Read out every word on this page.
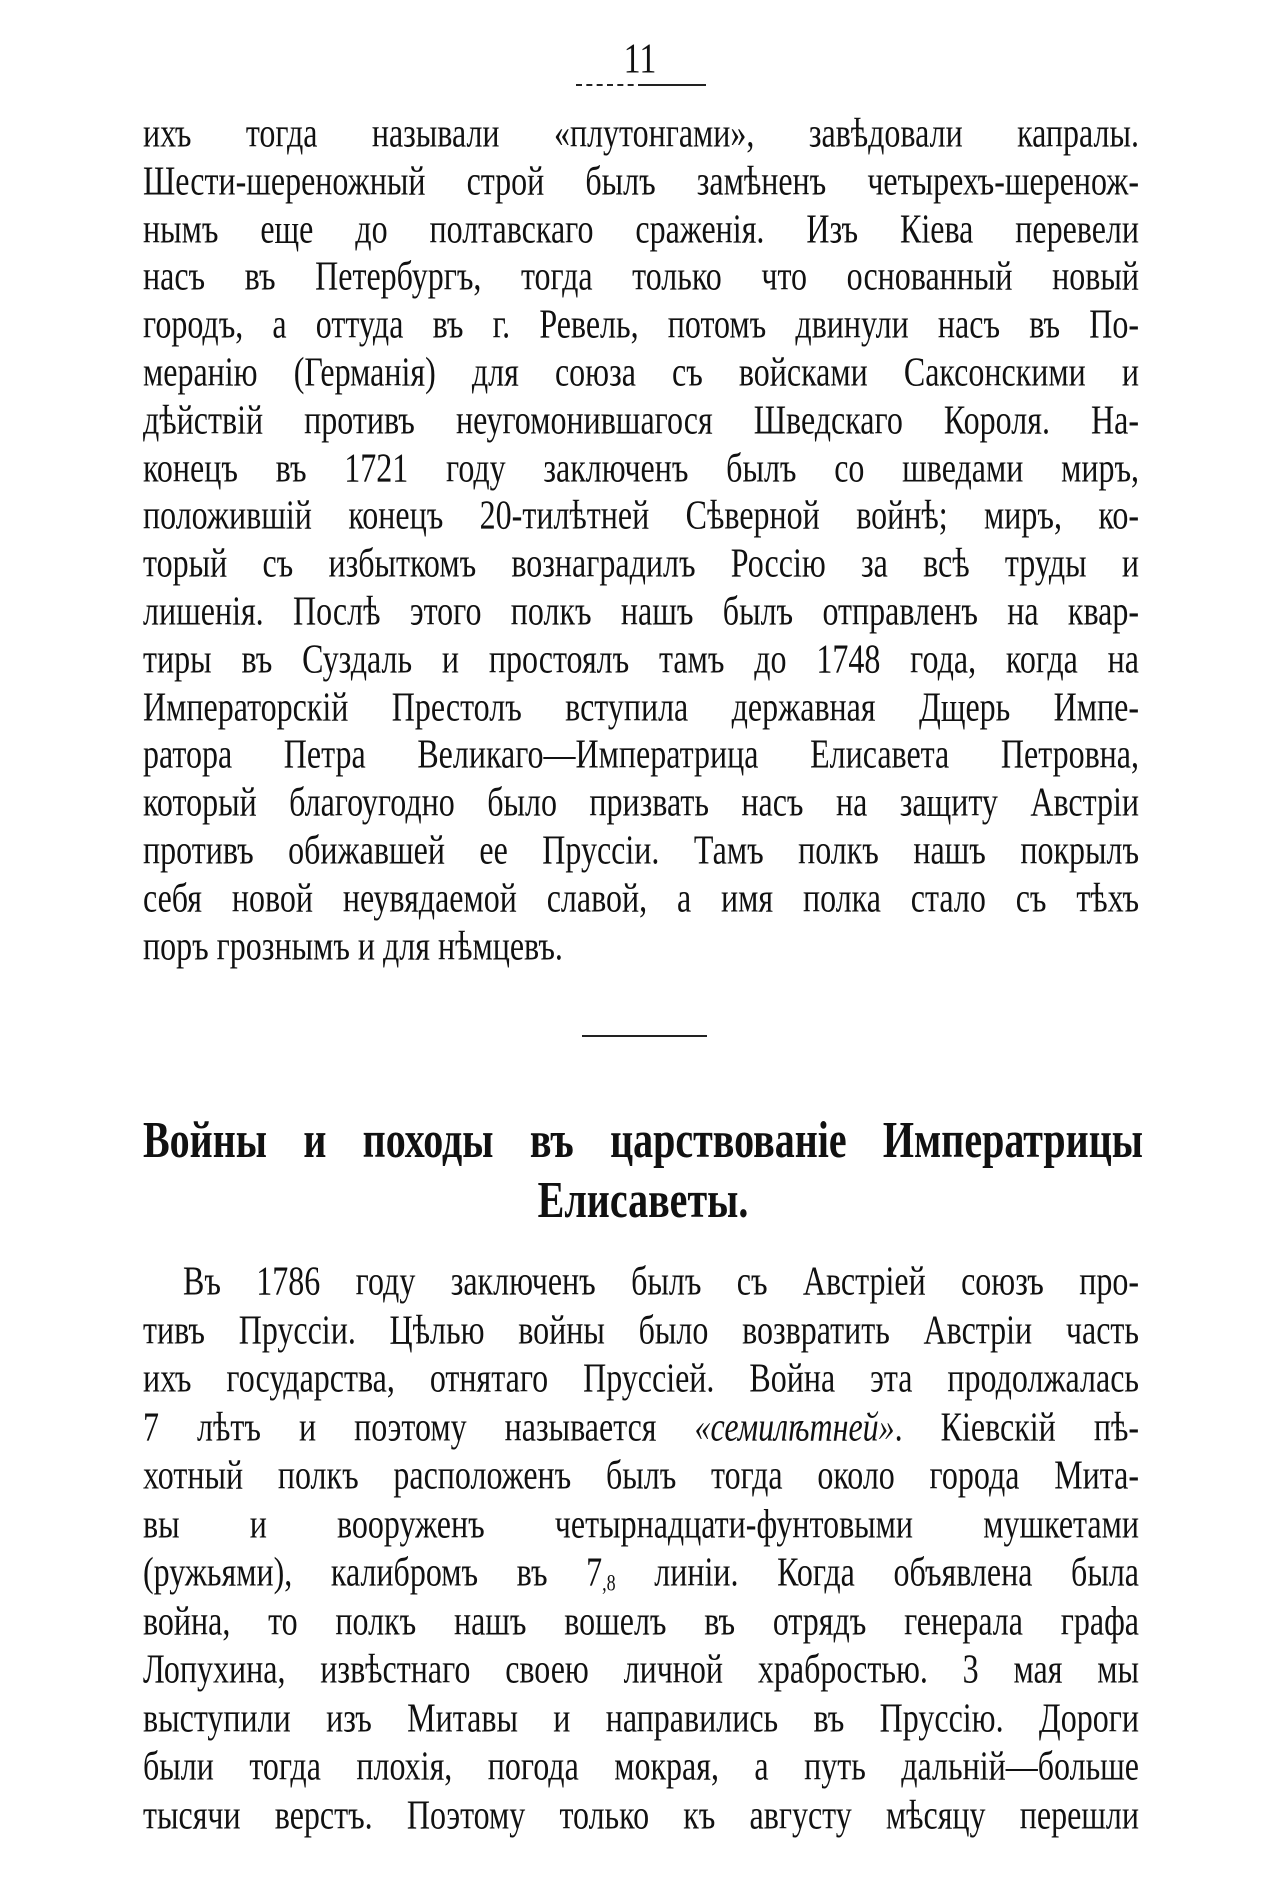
11
ихъ тогда называли «плутонгами», завѣдовали капралы.
Шести-шереножный строй былъ замѣненъ четырехъ-шеренож-
нымъ еще до полтавскаго сраженія. Изъ Кіева перевели
насъ въ Петербургъ, тогда только что основанный новый
городъ, а оттуда въ г. Ревель, потомъ двинули насъ въ По-
меранію (Германія) для союза съ войсками Саксонскими и
дѣйствій противъ неугомонившагося Шведскаго Короля. На-
конецъ въ 1721 году заключенъ былъ со шведами миръ,
положившій конецъ 20-тилѣтней Сѣверной войнѣ; миръ, ко-
торый съ избыткомъ вознаградилъ Россію за всѣ труды и
лишенія. Послѣ этого полкъ нашъ былъ отправленъ на квар-
тиры въ Суздаль и простоялъ тамъ до 1748 года, когда на
Императорскій Престолъ вступила державная Дщерь Импе-
ратора Петра Великаго—Императрица Елисавета Петровна,
который благоугодно было призвать насъ на защиту Австріи
противъ обижавшей ее Пруссіи. Тамъ полкъ нашъ покрылъ
себя новой неувядаемой славой, а имя полка стало съ тѣхъ
поръ грознымъ и для нѣмцевъ.
Войны и походы въ царствованіе Императрицы
Елисаветы.
Въ 1786 году заключенъ былъ съ Австріей союзъ про-
тивъ Пруссіи. Цѣлью войны было возвратить Австріи часть
ихъ государства, отнятаго Пруссіей. Война эта продолжалась
7 лѣтъ и поэтому называется «семилѣтней». Кіевскій пѣ-
хотный полкъ расположенъ былъ тогда около города Мита-
вы и вооруженъ четырнадцати-фунтовыми мушкетами
(ружьями), калибромъ въ $7_{,8}$ линіи. Когда объявлена была
война, то полкъ нашъ вошелъ въ отрядъ генерала графа
Лопухина, извѣстнаго своею личной храбростью. 3 мая мы
выступили изъ Митавы и направились въ Пруссію. Дороги
были тогда плохія, погода мокрая, а путь дальній—больше
тысячи верстъ. Поэтому только къ августу мѣсяцу перешли
